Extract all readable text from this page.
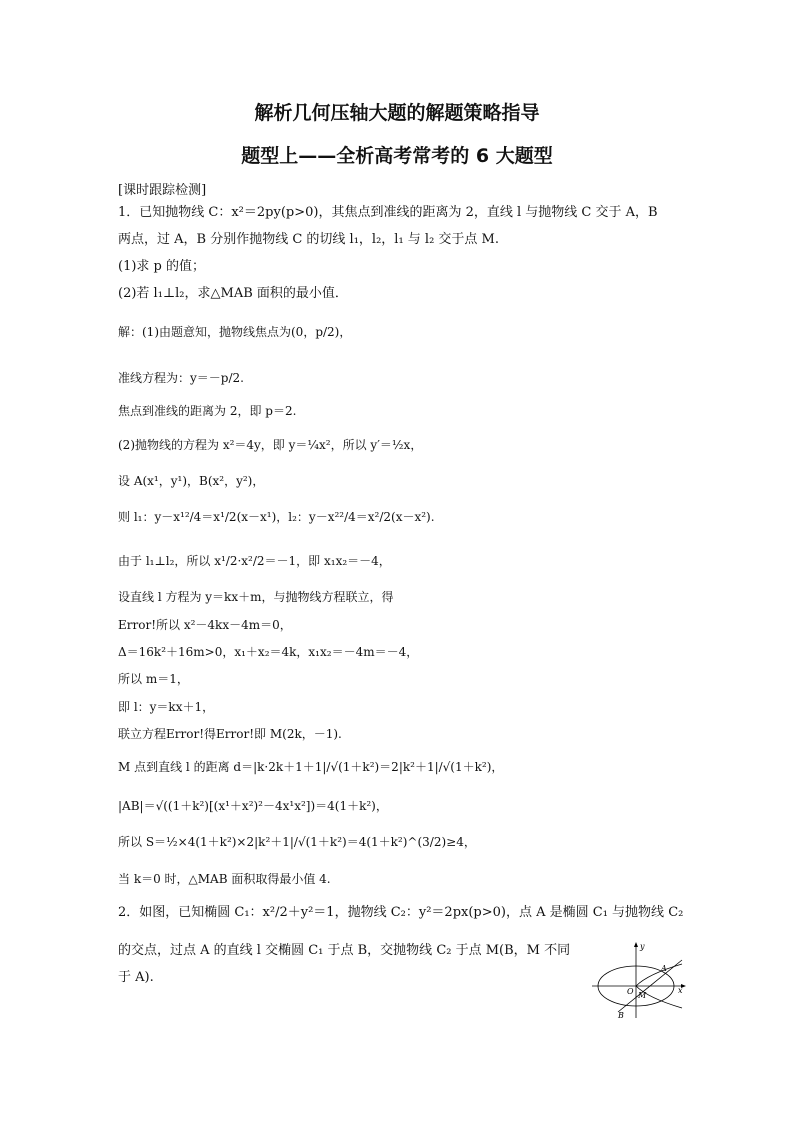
解析几何压轴大题的解题策略指导
题型上——全析高考常考的 6 大题型
[课时跟踪检测]
1．已知抛物线 C：x²＝2py(p>0)，其焦点到准线的距离为 2，直线 l 与抛物线 C 交于 A，B
两点，过 A，B 分别作抛物线 C 的切线 l₁，l₂，l₁ 与 l₂ 交于点 M.
(1)求 p 的值；
(2)若 l₁⊥l₂，求△MAB 面积的最小值．
解：(1)由题意知，抛物线焦点为(0，p/2)，
准线方程为：y＝－p/2.
焦点到准线的距离为 2，即 p＝2.
(2)抛物线的方程为 x²＝4y，即 y＝¼x²，所以 y′＝½x，
设 A(x¹，y¹)，B(x²，y²)，
则 l₁：y－x¹²/4＝x¹/2(x－x¹)，l₂：y－x²²/4＝x²/2(x－x²).
由于 l₁⊥l₂，所以 x¹/2·x²/2＝－1，即 x₁x₂＝－4，
设直线 l 方程为 y＝kx＋m，与抛物线方程联立，得
Error!所以 x²－4kx－4m＝0，
Δ＝16k²＋16m>0，x₁＋x₂＝4k，x₁x₂＝－4m＝－4，
所以 m＝1，
即 l：y＝kx＋1，
联立方程Error!得Error!即 M(2k，－1).
M 点到直线 l 的距离 d＝|k·2k＋1＋1|/√(1＋k²)＝2|k²＋1|/√(1＋k²)，
|AB|＝√((1＋k²)[(x¹＋x²)²－4x¹x²])＝4(1＋k²)，
所以 S＝½×4(1＋k²)×2|k²＋1|/√(1＋k²)＝4(1＋k²)^(3/2)≥4，
当 k＝0 时，△MAB 面积取得最小值 4.
2．如图，已知椭圆 C₁：x²/2＋y²＝1，抛物线 C₂：y²＝2px(p>0)，点 A 是椭圆 C₁ 与抛物线 C₂
的交点，过点 A 的直线 l 交椭圆 C₁ 于点 B，交抛物线 C₂ 于点 M(B，M 不同
于 A).
y
x
A
O M
B
